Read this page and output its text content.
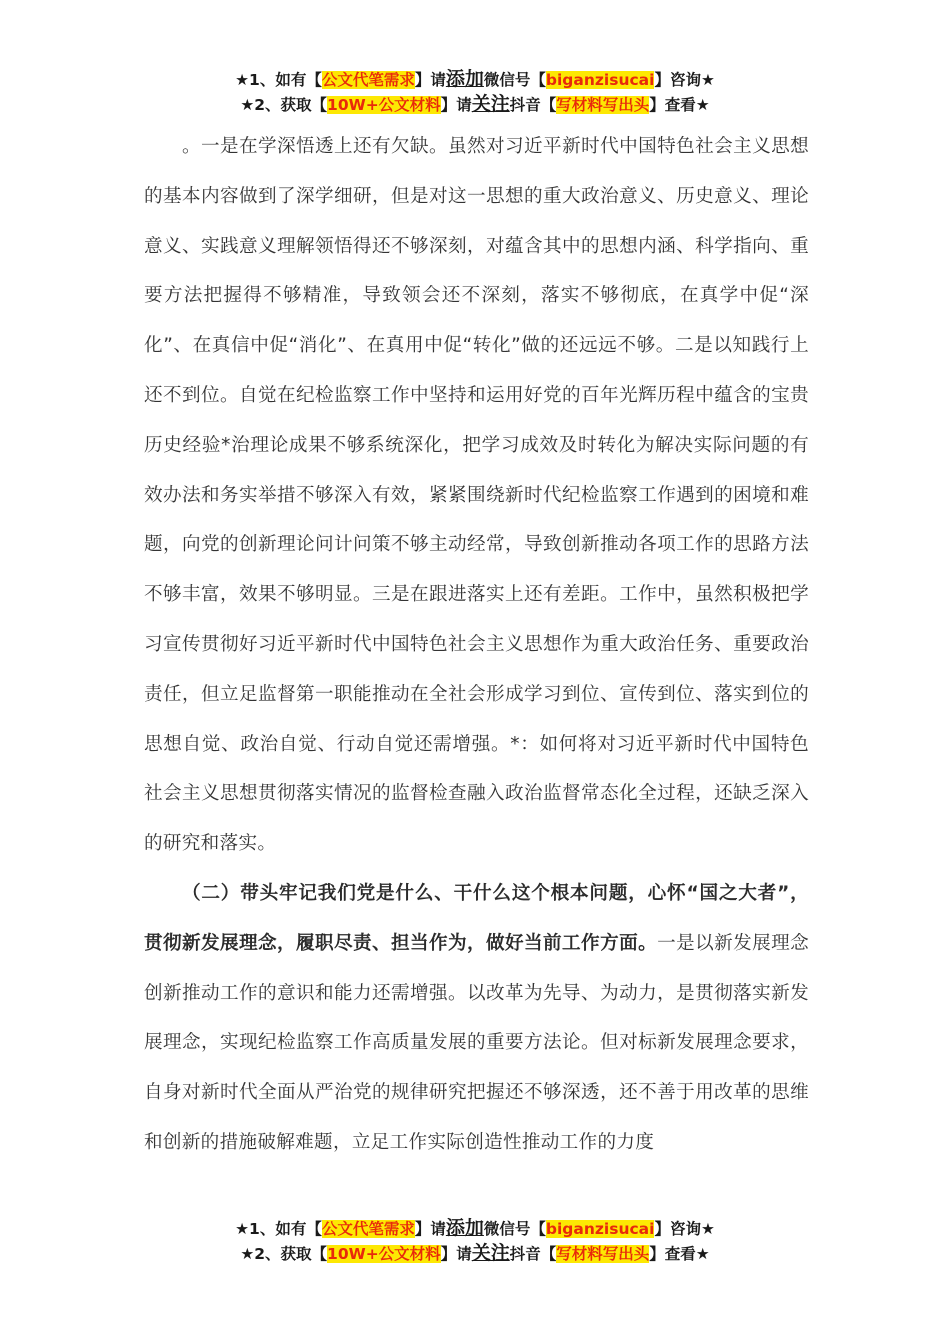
★1、如有【公文代笔需求】请添加微信号【biganzisucai】咨询★
★2、获取【10W+公文材料】请关注抖音【写材料写出头】查看★

。一是在学深悟透上还有欠缺。虽然对习近平新时代中国特色社会主义思想的基本内容做到了深学细研，但是对这一思想的重大政治意义、历史意义、理论意义、实践意义理解领悟得还不够深刻，对蕴含其中的思想内涵、科学指向、重要方法把握得不够精准，导致领会还不深刻，落实不够彻底，在真学中促“深化”、在真信中促“消化”、在真用中促“转化”做的还远远不够。二是以知践行上还不到位。自觉在纪检监察工作中坚持和运用好党的百年光辉历程中蕴含的宝贵历史经验*治理论成果不够系统深化，把学习成效及时转化为解决实际问题的有效办法和务实举措不够深入有效，紧紧围绕新时代纪检监察工作遇到的困境和难题，向党的创新理论问计问策不够主动经常，导致创新推动各项工作的思路方法不够丰富，效果不够明显。三是在跟进落实上还有差距。工作中，虽然积极把学习宣传贯彻好习近平新时代中国特色社会主义思想作为重大政治任务、重要政治责任，但立足监督第一职能推动在全社会形成学习到位、宣传到位、落实到位的思想自觉、政治自觉、行动自觉还需增强。*：如何将对习近平新时代中国特色社会主义思想贯彻落实情况的监督检查融入政治监督常态化全过程，还缺乏深入的研究和落实。

（二）带头牢记我们党是什么、干什么这个根本问题，心怀“国之大者”，贯彻新发展理念，履职尽责、担当作为，做好当前工作方面。一是以新发展理念创新推动工作的意识和能力还需增强。以改革为先导、为动力，是贯彻落实新发展理念，实现纪检监察工作高质量发展的重要方法论。但对标新发展理念要求，自身对新时代全面从严治党的规律研究把握还不够深透，还不善于用改革的思维和创新的措施破解难题，立足工作实际创造性推动工作的力度

★1、如有【公文代笔需求】请添加微信号【biganzisucai】咨询★
★2、获取【10W+公文材料】请关注抖音【写材料写出头】查看★
